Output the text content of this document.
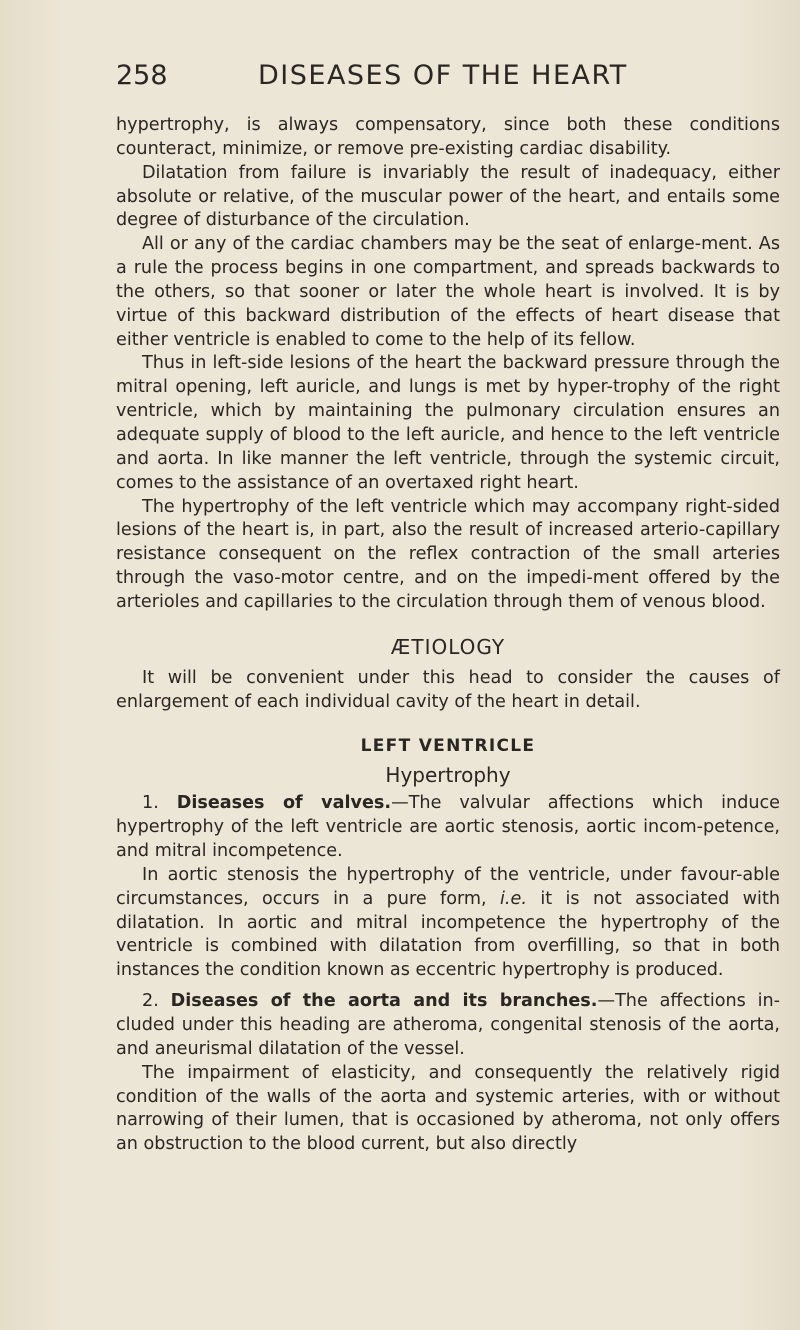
258	DISEASES OF THE HEART

hypertrophy, is always compensatory, since both these conditions counteract, minimize, or remove pre-existing cardiac disability.

Dilatation from failure is invariably the result of inadequacy, either absolute or relative, of the muscular power of the heart, and entails some degree of disturbance of the circulation.

All or any of the cardiac chambers may be the seat of enlarge-ment. As a rule the process begins in one compartment, and spreads backwards to the others, so that sooner or later the whole heart is involved. It is by virtue of this backward distribution of the effects of heart disease that either ventricle is enabled to come to the help of its fellow.

Thus in left-side lesions of the heart the backward pressure through the mitral opening, left auricle, and lungs is met by hyper-trophy of the right ventricle, which by maintaining the pulmonary circulation ensures an adequate supply of blood to the left auricle, and hence to the left ventricle and aorta. In like manner the left ventricle, through the systemic circuit, comes to the assistance of an overtaxed right heart.

The hypertrophy of the left ventricle which may accompany right-sided lesions of the heart is, in part, also the result of increased arterio-capillary resistance consequent on the reflex contraction of the small arteries through the vaso-motor centre, and on the impedi-ment offered by the arterioles and capillaries to the circulation through them of venous blood.

ÆTIOLOGY

It will be convenient under this head to consider the causes of enlargement of each individual cavity of the heart in detail.

LEFT VENTRICLE
Hypertrophy

1. Diseases of valves.—The valvular affections which induce hypertrophy of the left ventricle are aortic stenosis, aortic incom-petence, and mitral incompetence.

In aortic stenosis the hypertrophy of the ventricle, under favour-able circumstances, occurs in a pure form, i.e. it is not associated with dilatation. In aortic and mitral incompetence the hypertrophy of the ventricle is combined with dilatation from overfilling, so that in both instances the condition known as eccentric hypertrophy is produced.

2. Diseases of the aorta and its branches.—The affections in-cluded under this heading are atheroma, congenital stenosis of the aorta, and aneurismal dilatation of the vessel.

The impairment of elasticity, and consequently the relatively rigid condition of the walls of the aorta and systemic arteries, with or without narrowing of their lumen, that is occasioned by atheroma, not only offers an obstruction to the blood current, but also directly
